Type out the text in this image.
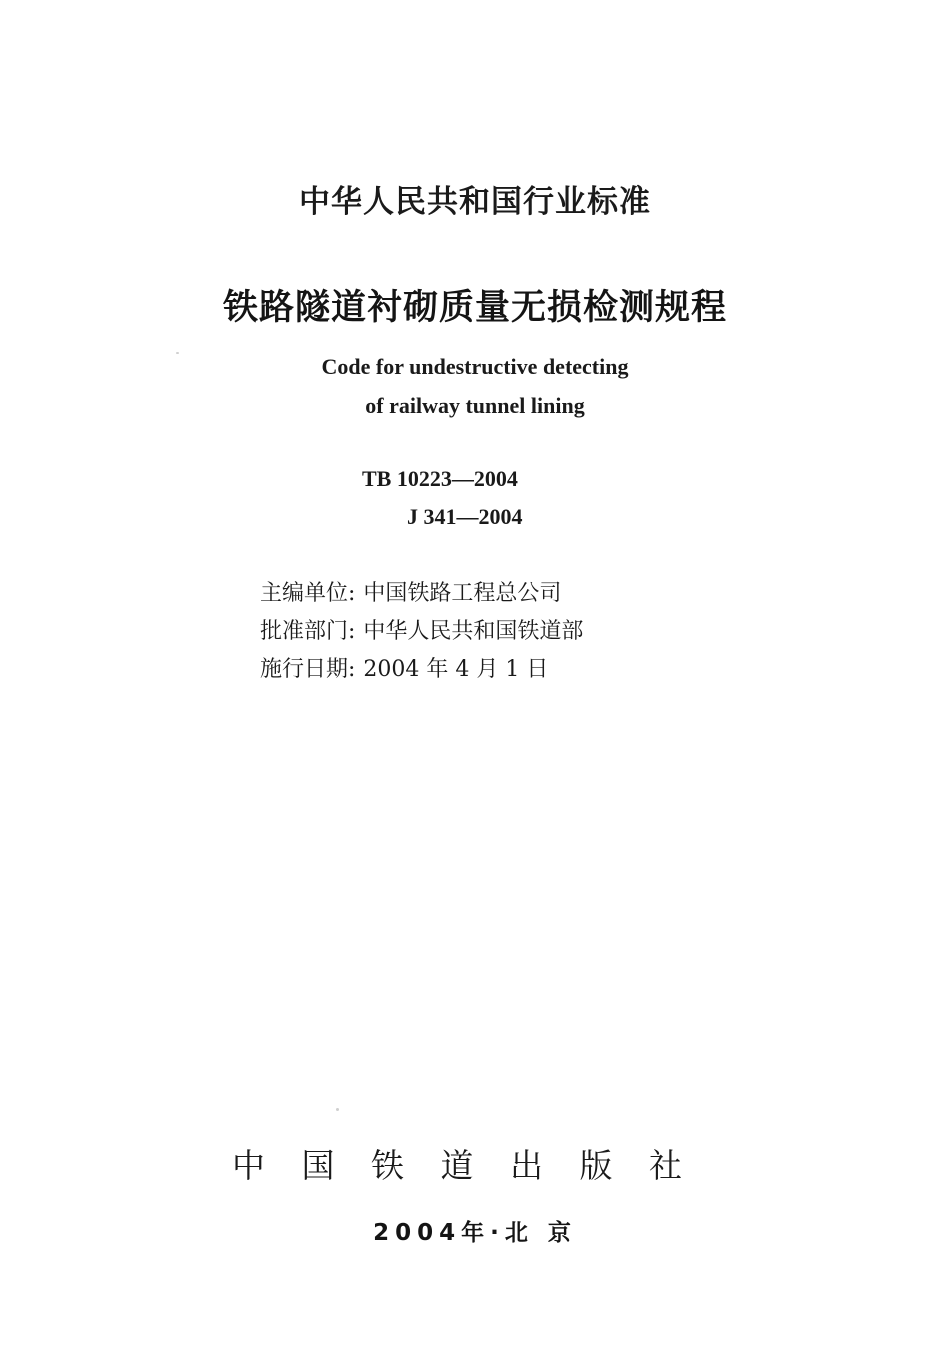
中华人民共和国行业标准
铁路隧道衬砌质量无损检测规程
Code for undestructive detecting
of railway tunnel lining
TB 10223—2004
J 341—2004
主编单位: 中国铁路工程总公司
批准部门: 中华人民共和国铁道部
施行日期: 2004 年 4 月 1 日
中 国 铁 道 出 版 社
2004年·北 京
